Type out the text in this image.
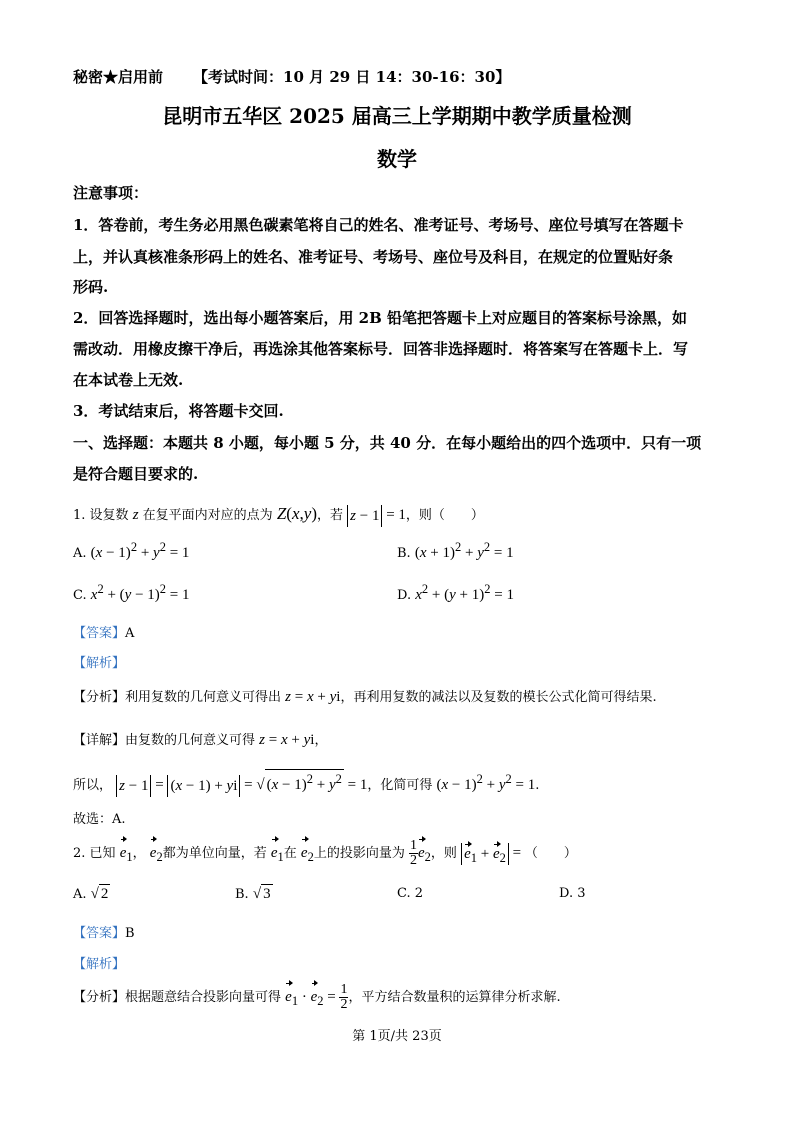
秘密★启用前 【考试时间：10 月 29 日 14：30-16：30】
昆明市五华区 2025 届高三上学期期中教学质量检测
数学
注意事项：
1．答卷前，考生务必用黑色碳素笔将自己的姓名、准考证号、考场号、座位号填写在答题卡
上，并认真核准条形码上的姓名、准考证号、考场号、座位号及科目，在规定的位置贴好条
形码.
2．回答选择题时，选出每小题答案后，用 2B 铅笔把答题卡上对应题目的答案标号涂黑，如
需改动．用橡皮擦干净后，再选涂其他答案标号．回答非选择题时．将答案写在答题卡上．写
在本试卷上无效.
3．考试结束后，将答题卡交回.
一、选择题：本题共 8 小题，每小题 5 分，共 40 分．在每小题给出的四个选项中．只有一项
是符合题目要求的.
1. 设复数 z 在复平面内对应的点为 Z(x,y)，若 z − 1 = 1，则（　　）
A. $(x - 1)^2 + y^2 = 1$	B. $(x + 1)^2 + y^2 = 1$
C. $x^2 + (y - 1)^2 = 1$	D. $x^2 + (y + 1)^2 = 1$
【答案】A
【解析】
【分析】利用复数的几何意义可得出 z = x + yi，再利用复数的减法以及复数的模长公式化简可得结果.
【详解】由复数的几何意义可得 z = x + yi，
所以， z − 1 = (x − 1) + yi = √ $(x - 1)^2 + y^2 = 1$，化简可得 $(x - 1)^2 + y^2 = 1$.
故选：A.
2. 已知 $e_1$， $e_2$都为单位向量，若 $e_1$在 $e_2$上的投影向量为 $\frac{1}{2} e_2$，则 $e_1 + e_2$ = （　　）
A. √ 2	B. √ 3	C. 2	D. 3
【答案】B
【解析】
【分析】根据题意结合投影向量可得 $e_1 \cdot e_2 = \frac{1}{2}$ ，平方结合数量积的运算律分析求解.
第 1页/共 23页
